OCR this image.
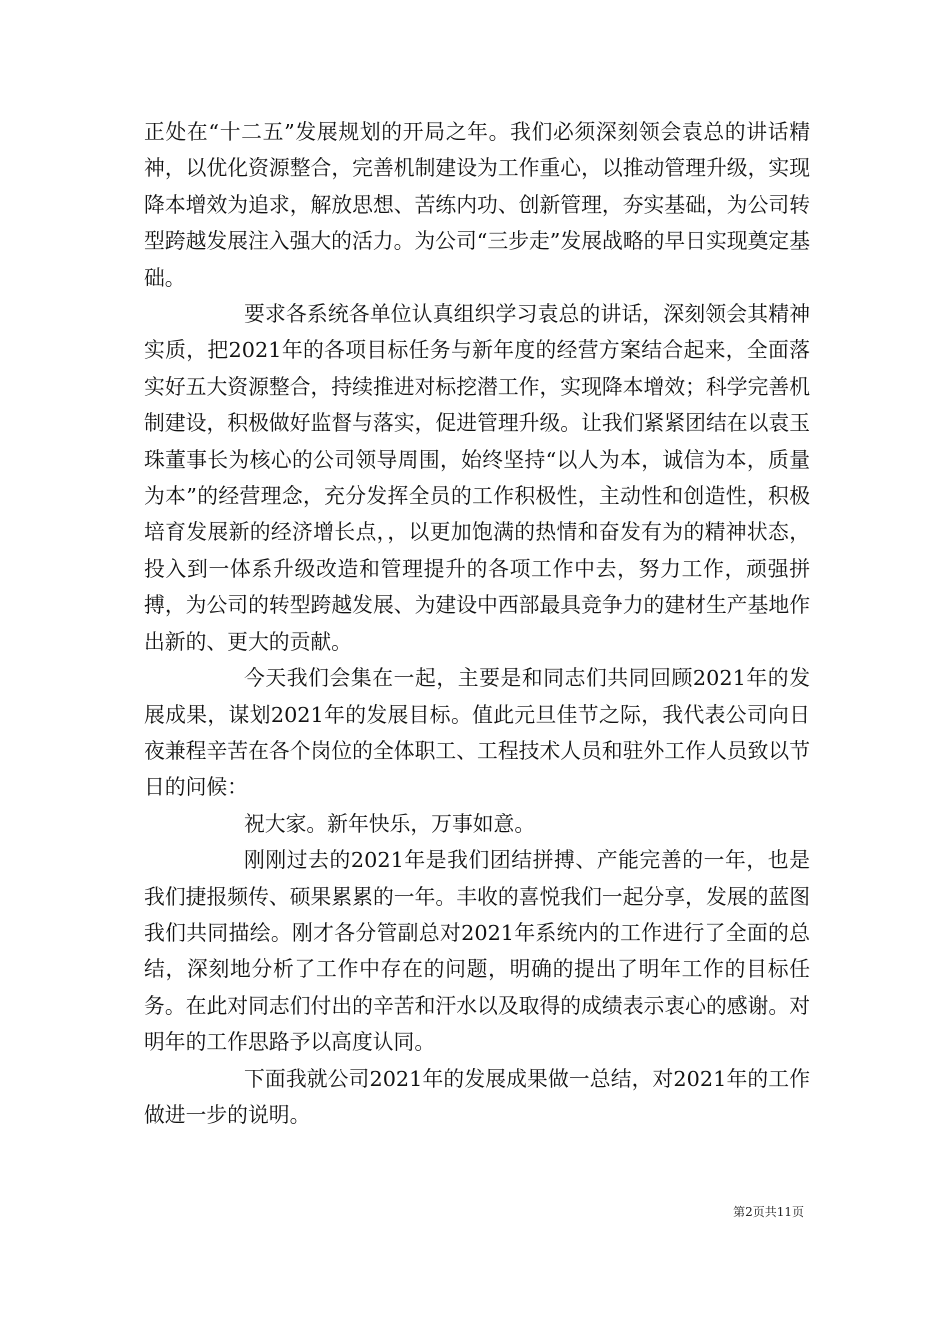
正处在“十二五”发展规划的开局之年。我们必须深刻领会袁总的讲话精神，以优化资源整合，完善机制建设为工作重心，以推动管理升级，实现降本增效为追求，解放思想、苦练内功、创新管理，夯实基础，为公司转型跨越发展注入强大的活力。为公司“三步走”发展战略的早日实现奠定基础。

要求各系统各单位认真组织学习袁总的讲话，深刻领会其精神实质，把2021年的各项目标任务与新年度的经营方案结合起来，全面落实好五大资源整合，持续推进对标挖潜工作，实现降本增效；科学完善机制建设，积极做好监督与落实，促进管理升级。让我们紧紧团结在以袁玉珠董事长为核心的公司领导周围，始终坚持“以人为本，诚信为本，质量为本”的经营理念，充分发挥全员的工作积极性，主动性和创造性，积极培育发展新的经济增长点，，以更加饱满的热情和奋发有为的精神状态，投入到一体系升级改造和管理提升的各项工作中去，努力工作，顽强拼搏，为公司的转型跨越发展、为建设中西部最具竞争力的建材生产基地作出新的、更大的贡献。

今天我们会集在一起，主要是和同志们共同回顾2021年的发展成果，谋划2021年的发展目标。值此元旦佳节之际，我代表公司向日夜兼程辛苦在各个岗位的全体职工、工程技术人员和驻外工作人员致以节日的问候：

祝大家。新年快乐，万事如意。

刚刚过去的2021年是我们团结拼搏、产能完善的一年，也是我们捷报频传、硕果累累的一年。丰收的喜悦我们一起分享，发展的蓝图我们共同描绘。刚才各分管副总对2021年系统内的工作进行了全面的总结，深刻地分析了工作中存在的问题，明确的提出了明年工作的目标任务。在此对同志们付出的辛苦和汗水以及取得的成绩表示衷心的感谢。对明年的工作思路予以高度认同。

下面我就公司2021年的发展成果做一总结，对2021年的工作做进一步的说明。

第2页共11页
